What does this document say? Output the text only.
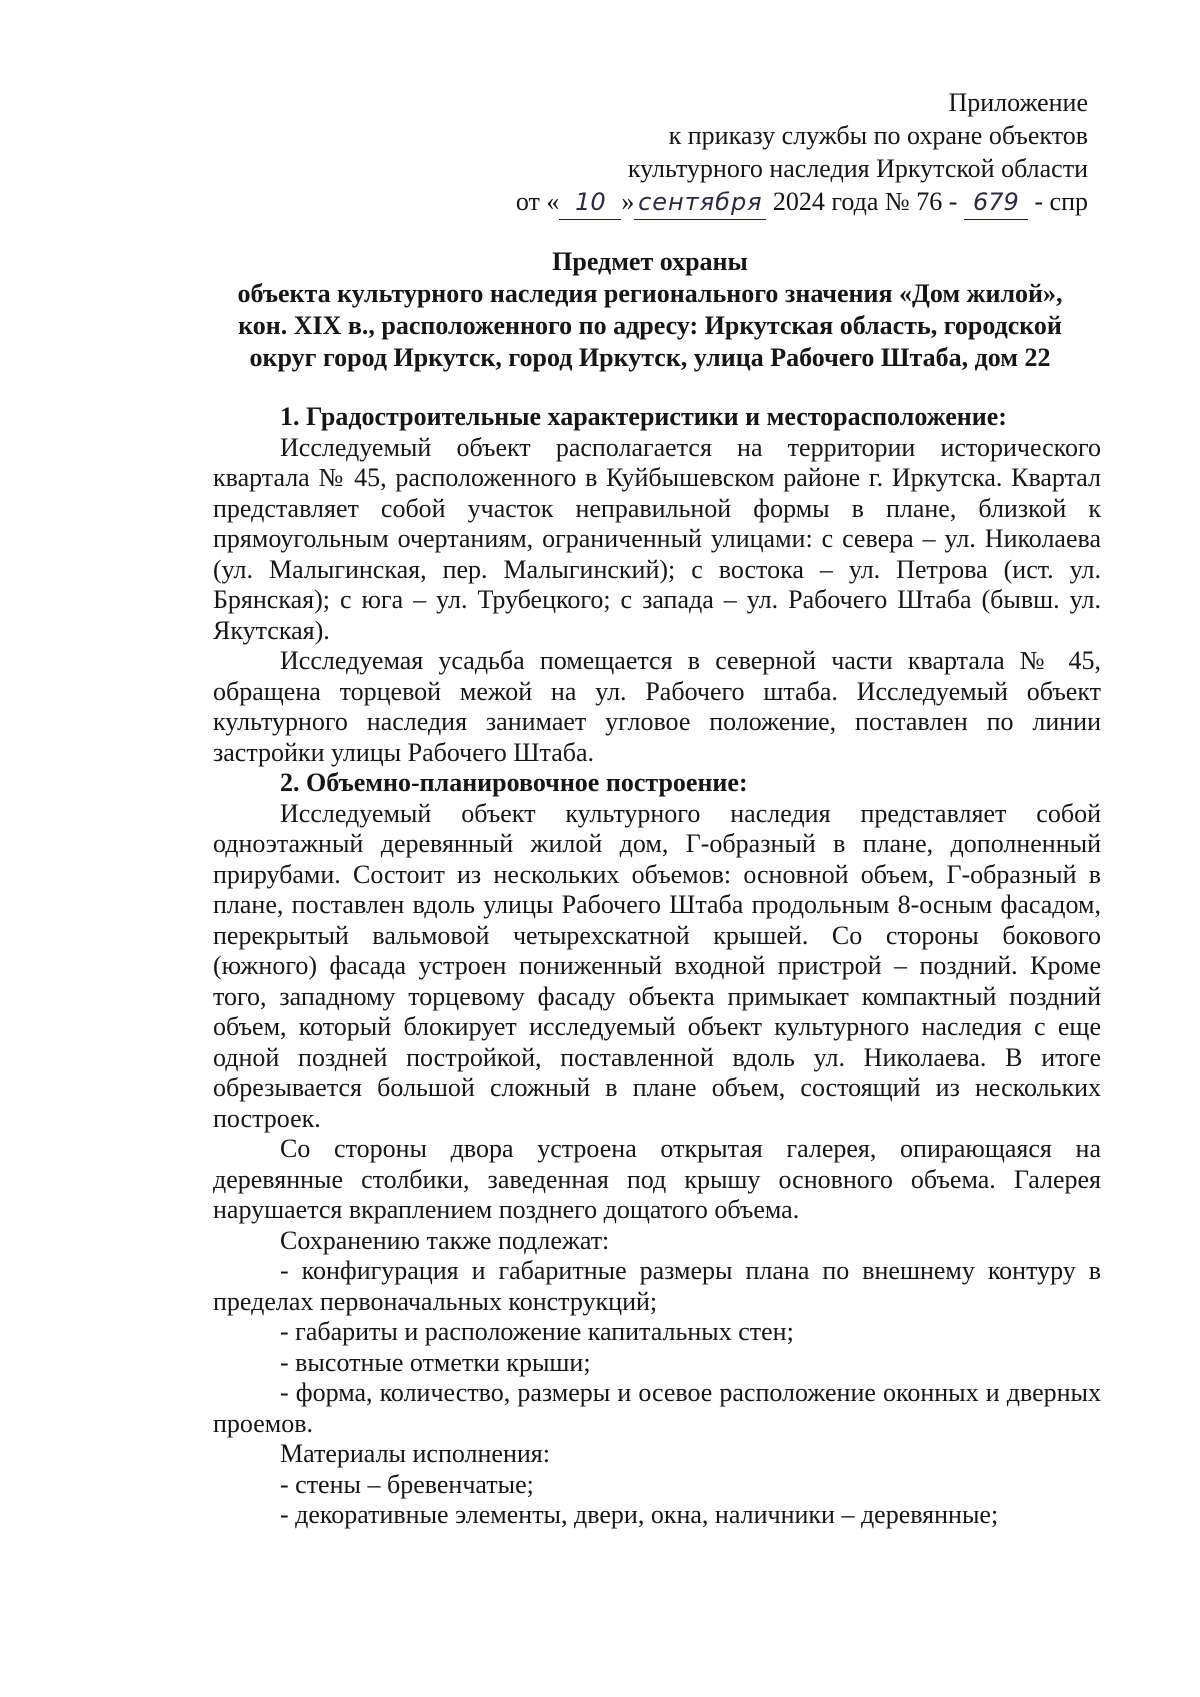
Приложение
к приказу службы по охране объектов
культурного наследия Иркутской области
от « 10 » сентября 2024 года № 76 - 679 - спр
Предмет охраны
объекта культурного наследия регионального значения «Дом жилой»,
кон. XIX в., расположенного по адресу: Иркутская область, городской
округ город Иркутск, город Иркутск, улица Рабочего Штаба, дом 22

1. Градостроительные характеристики и месторасположение:

Исследуемый объект располагается на территории исторического квартала № 45, расположенного в Куйбышевском районе г. Иркутска. Квартал представляет собой участок неправильной формы в плане, близкой к прямоугольным очертаниям, ограниченный улицами: с севера – ул. Николаева (ул. Малыгинская, пер. Малыгинский); с востока – ул. Петрова (ист. ул. Брянская); с юга – ул. Трубецкого; с запада – ул. Рабочего Штаба (бывш. ул. Якутская).

Исследуемая усадьба помещается в северной части квартала № 45, обращена торцевой межой на ул. Рабочего штаба. Исследуемый объект культурного наследия занимает угловое положение, поставлен по линии застройки улицы Рабочего Штаба.

2. Объемно-планировочное построение:

Исследуемый объект культурного наследия представляет собой одноэтажный деревянный жилой дом, Г-образный в плане, дополненный прирубами. Состоит из нескольких объемов: основной объем, Г-образный в плане, поставлен вдоль улицы Рабочего Штаба продольным 8-осным фасадом, перекрытый вальмовой четырехскатной крышей. Со стороны бокового (южного) фасада устроен пониженный входной пристрой – поздний. Кроме того, западному торцевому фасаду объекта примыкает компактный поздний объем, который блокирует исследуемый объект культурного наследия с еще одной поздней постройкой, поставленной вдоль ул. Николаева. В итоге обрезывается большой сложный в плане объем, состоящий из нескольких построек.

Со стороны двора устроена открытая галерея, опирающаяся на деревянные столбики, заведенная под крышу основного объема. Галерея нарушается вкраплением позднего дощатого объема.

Сохранению также подлежат:

- конфигурация и габаритные размеры плана по внешнему контуру в пределах первоначальных конструкций;

- габариты и расположение капитальных стен;

- высотные отметки крыши;

- форма, количество, размеры и осевое расположение оконных и дверных проемов.

Материалы исполнения:

- стены – бревенчатые;

- декоративные элементы, двери, окна, наличники – деревянные;
